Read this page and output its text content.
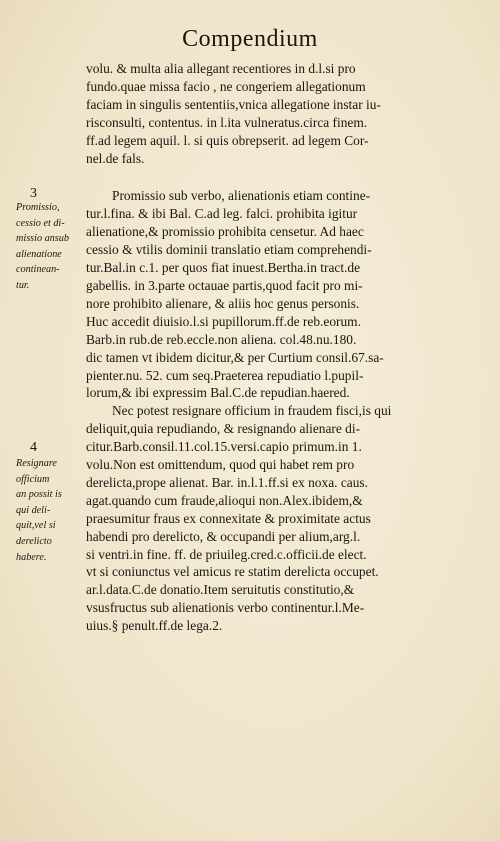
Compendium
3
Promissio,
cessio et di-
missio ansub
alienatione
continean-
tur.
4
Resignare
officium
an possit is
qui deli-
quit,vel si
derelicto
habere.
volu. & multa alia allegant recentiores in d.l.si pro
fundo.quae missa facio , ne congeriem allegationum
faciam in singulis sententiis,vnica allegatione instar iu-
risconsulti, contentus. in l.ita vulneratus.circa finem.
ff.ad legem aquil. l. si quis obrepserit. ad legem Cor-
nel.de fals.
Promissio sub verbo, alienationis etiam contine-
tur.l.fina. & ibi Bal. C.ad leg. falci. prohibita igitur
alienatione,& promissio prohibita censetur. Ad haec
cessio & vtilis dominii translatio etiam comprehendi-
tur.Bal.in c.1. per quos fiat inuest.Bertha.in tract.de
gabellis. in 3.parte octauae partis,quod facit pro mi-
nore prohibito alienare, & aliis hoc genus personis.
Huc accedit diuisio.l.si pupillorum.ff.de reb.eorum.
Barb.in rub.de reb.eccle.non aliena. col.48.nu.180.
dic tamen vt ibidem dicitur,& per Curtium consil.67.sa-
pienter.nu. 52. cum seq.Praeterea repudiatio l.pupil-
lorum,& ibi expressim Bal.C.de repudian.haered.
Nec potest resignare officium in fraudem fisci,is qui
deliquit,quia repudiando, & resignando alienare di-
citur.Barb.consil.11.col.15.versi.capio primum.in 1.
volu.Non est omittendum, quod qui habet rem pro
derelicta,prope alienat. Bar. in.l.1.ff.si ex noxa. caus.
agat.quando cum fraude,alioqui non.Alex.ibidem,&
praesumitur fraus ex connexitate & proximitate actus
habendi pro derelicto, & occupandi per alium,arg.l.
si ventri.in fine. ff. de priuileg.cred.c.officii.de elect.
vt si coniunctus vel amicus re statim derelicta occupet.
ar.l.data.C.de donatio.Item seruitutis constitutio,&
vsusfructus sub alienationis verbo continentur.l.Me-
uius.§ penult.ff.de lega.2.
